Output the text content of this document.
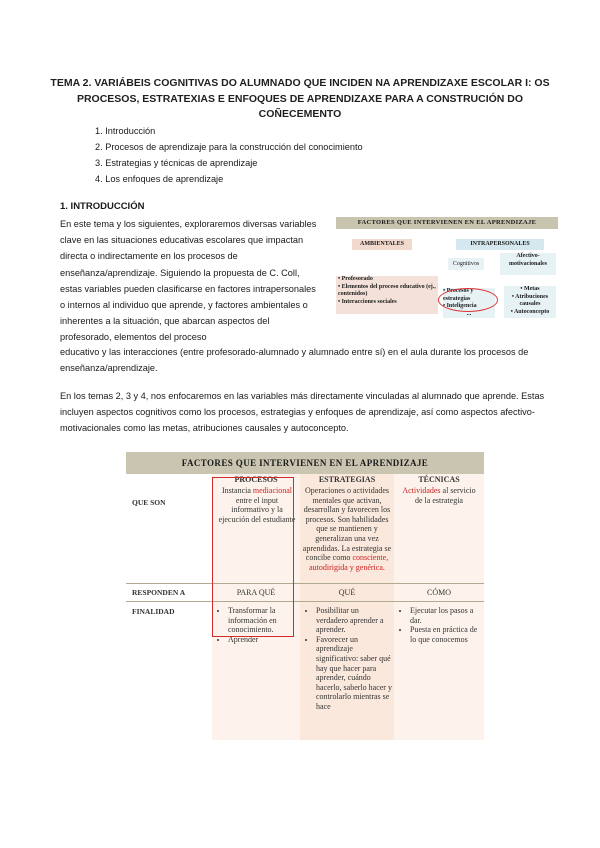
TEMA 2. VARIÁBEIS COGNITIVAS DO ALUMNADO QUE INCIDEN NA APRENDIZAXE ESCOLAR I: OS PROCESOS, ESTRATEXIAS E ENFOQUES DE APRENDIZAXE PARA A CONSTRUCIÓN DO COÑECEMENTO
1. Introducción
2. Procesos de aprendizaje para la construcción del conocimiento
3. Estrategias y técnicas de aprendizaje
4. Los enfoques de aprendizaje
1. INTRODUCCIÓN
En este tema y los siguientes, exploraremos diversas variables clave en las situaciones educativas escolares que impactan directa o indirectamente en los procesos de enseñanza/aprendizaje. Siguiendo la propuesta de C. Coll, estas variables pueden clasificarse en factores intrapersonales o internos al individuo que aprende, y factores ambientales o inherentes a la situación, que abarcan aspectos del profesorado, elementos del proceso
educativo y las interacciones (entre profesorado-alumnado y alumnado entre sí) en el aula durante los procesos de enseñanza/aprendizaje.
En los temas 2, 3 y 4, nos enfocaremos en las variables más directamente vinculadas al alumnado que aprende. Estas incluyen aspectos cognitivos como los procesos, estrategias y enfoques de aprendizaje, así como aspectos afectivo-motivacionales como las metas, atribuciones causales y autoconcepto.
FACTORES QUE INTERVIENEN EN EL APRENDIZAJE
AMBIENTALES	INTRAPERSONALES
Cognitivos
Afectivo-motivacionales
• Profesorado
• Elementos del proceso educativo (ej., contenidos)
• Interacciones sociales
• Procesos y estrategias
• Inteligencia
...
• Metas
• Atribuciones causales
• Autoconcepto
FACTORES QUE INTERVIENEN EN EL APRENDIZAJE
PROCESOS	ESTRATEGIAS	TÉCNICAS
QUE SON
Instancia mediacional entre el input informativo y la ejecución del estudiante
Operaciones o actividades mentales que activan, desarrollan y favorecen los procesos. Son habilidades que se mantienen y generalizan una vez aprendidas. La estrategia se concibe como consciente, autodirigida y genérica.
Actividades al servicio de la estrategia
RESPONDEN A	PARA QUÉ	QUÉ	CÓMO
FINALIDAD
•	Transformar la información en conocimiento.
• Aprender
• Posibilitar un verdadero aprender a aprender.
• Favorecer un aprendizaje significativo: saber qué hay que hacer para aprender, cuándo hacerlo, saberlo hacer y controlarlo mientras se hace
• Ejecutar los pasos a dar.
• Puesta en práctica de lo que conocemos
